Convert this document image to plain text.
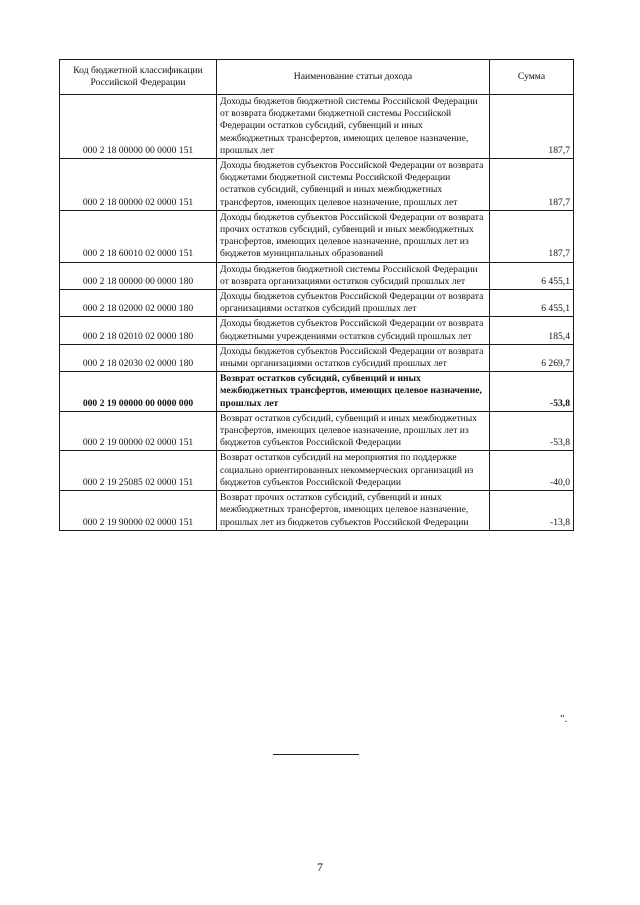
Код бюджетной классификации Российской Федерации	Наименование статьи дохода	Сумма
000 2 18 00000 00 0000 151	Доходы бюджетов бюджетной системы Российской Федерации от возврата бюджетами бюджетной системы Российской Федерации остатков субсидий, субвенций и иных межбюджетных трансфертов, имеющих целевое назначение, прошлых лет	187,7
000 2 18 00000 02 0000 151	Доходы бюджетов субъектов Российской Федерации от возврата бюджетами бюджетной системы Российской Федерации остатков субсидий, субвенций и иных межбюджетных трансфертов, имеющих целевое назначение, прошлых лет	187,7
000 2 18 60010 02 0000 151	Доходы бюджетов субъектов Российской Федерации от возврата прочих остатков субсидий, субвенций и иных межбюджетных трансфертов, имеющих целевое назначение, прошлых лет из бюджетов муниципальных образований	187,7
000 2 18 00000 00 0000 180	Доходы бюджетов бюджетной системы Российской Федерации от возврата организациями остатков субсидий прошлых лет	6 455,1
000 2 18 02000 02 0000 180	Доходы бюджетов субъектов Российской Федерации от возврата организациями остатков субсидий прошлых лет	6 455,1
000 2 18 02010 02 0000 180	Доходы бюджетов субъектов Российской Федерации от возврата бюджетными учреждениями остатков субсидий прошлых лет	185,4
000 2 18 02030 02 0000 180	Доходы бюджетов субъектов Российской Федерации от возврата иными организациями остатков субсидий прошлых лет	6 269,7
000 2 19 00000 00 0000 000	Возврат остатков субсидий, субвенций и иных межбюджетных трансфертов, имеющих целевое назначение, прошлых лет	-53,8
000 2 19 00000 02 0000 151	Возврат остатков субсидий, субвенций и иных межбюджетных трансфертов, имеющих целевое назначение, прошлых лет из бюджетов субъектов Российской Федерации	-53,8
000 2 19 25085 02 0000 151	Возврат остатков субсидий на мероприятия по поддержке социально ориентированных некоммерческих организаций из бюджетов субъектов Российской Федерации	-40,0
000 2 19 90000 02 0000 151	Возврат прочих остатков субсидий, субвенций и иных межбюджетных трансфертов, имеющих целевое назначение, прошлых лет из бюджетов субъектов Российской Федерации	-13,8
".
7
